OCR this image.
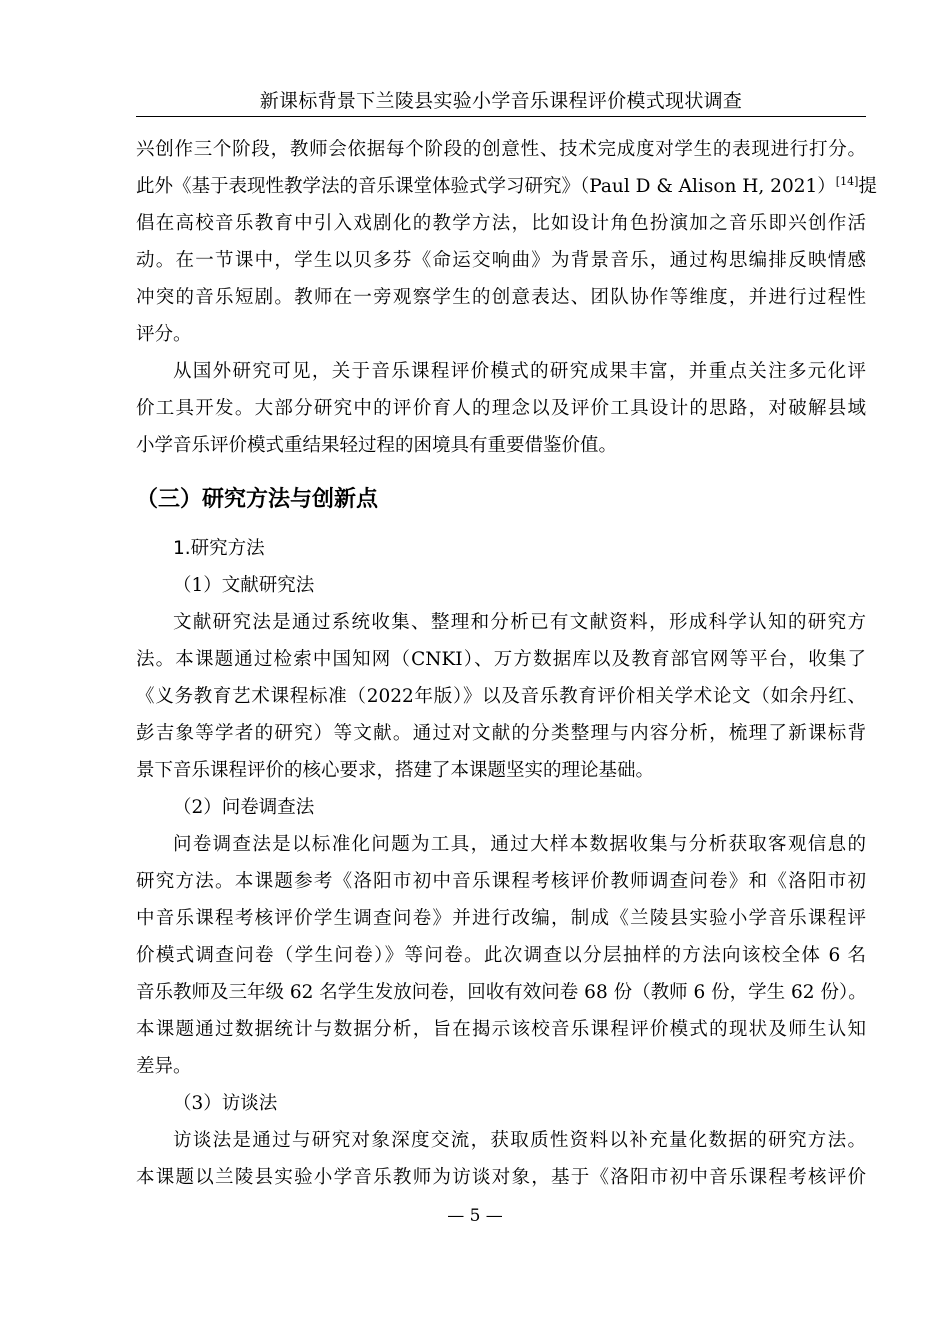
新课标背景下兰陵县实验小学音乐课程评价模式现状调查
兴创作三个阶段，教师会依据每个阶段的创意性、技术完成度对学生的表现进行打分。
此外《基于表现性教学法的音乐课堂体验式学习研究》（Paul D & Alison H, 2021）[14]提
倡在高校音乐教育中引入戏剧化的教学方法，比如设计角色扮演加之音乐即兴创作活
动。在一节课中，学生以贝多芬《命运交响曲》为背景音乐，通过构思编排反映情感
冲突的音乐短剧。教师在一旁观察学生的创意表达、团队协作等维度，并进行过程性
评分。
从国外研究可见，关于音乐课程评价模式的研究成果丰富，并重点关注多元化评
价工具开发。大部分研究中的评价育人的理念以及评价工具设计的思路，对破解县域
小学音乐评价模式重结果轻过程的困境具有重要借鉴价值。
（三）研究方法与创新点
1.研究方法
（1）文献研究法
文献研究法是通过系统收集、整理和分析已有文献资料，形成科学认知的研究方
法。本课题通过检索中国知网（CNKI）、万方数据库以及教育部官网等平台，收集了
《义务教育艺术课程标准（2022年版）》以及音乐教育评价相关学术论文（如余丹红、
彭吉象等学者的研究）等文献。通过对文献的分类整理与内容分析，梳理了新课标背
景下音乐课程评价的核心要求，搭建了本课题坚实的理论基础。
（2）问卷调查法
问卷调查法是以标准化问题为工具，通过大样本数据收集与分析获取客观信息的
研究方法。本课题参考《洛阳市初中音乐课程考核评价教师调查问卷》和《洛阳市初
中音乐课程考核评价学生调查问卷》并进行改编，制成《兰陵县实验小学音乐课程评
价模式调查问卷（学生问卷）》等问卷。此次调查以分层抽样的方法向该校全体 6 名
音乐教师及三年级 62 名学生发放问卷，回收有效问卷 68 份（教师 6 份，学生 62 份）。
本课题通过数据统计与数据分析，旨在揭示该校音乐课程评价模式的现状及师生认知
差异。
（3）访谈法
访谈法是通过与研究对象深度交流，获取质性资料以补充量化数据的研究方法。
本课题以兰陵县实验小学音乐教师为访谈对象，基于《洛阳市初中音乐课程考核评价
— 5 —
